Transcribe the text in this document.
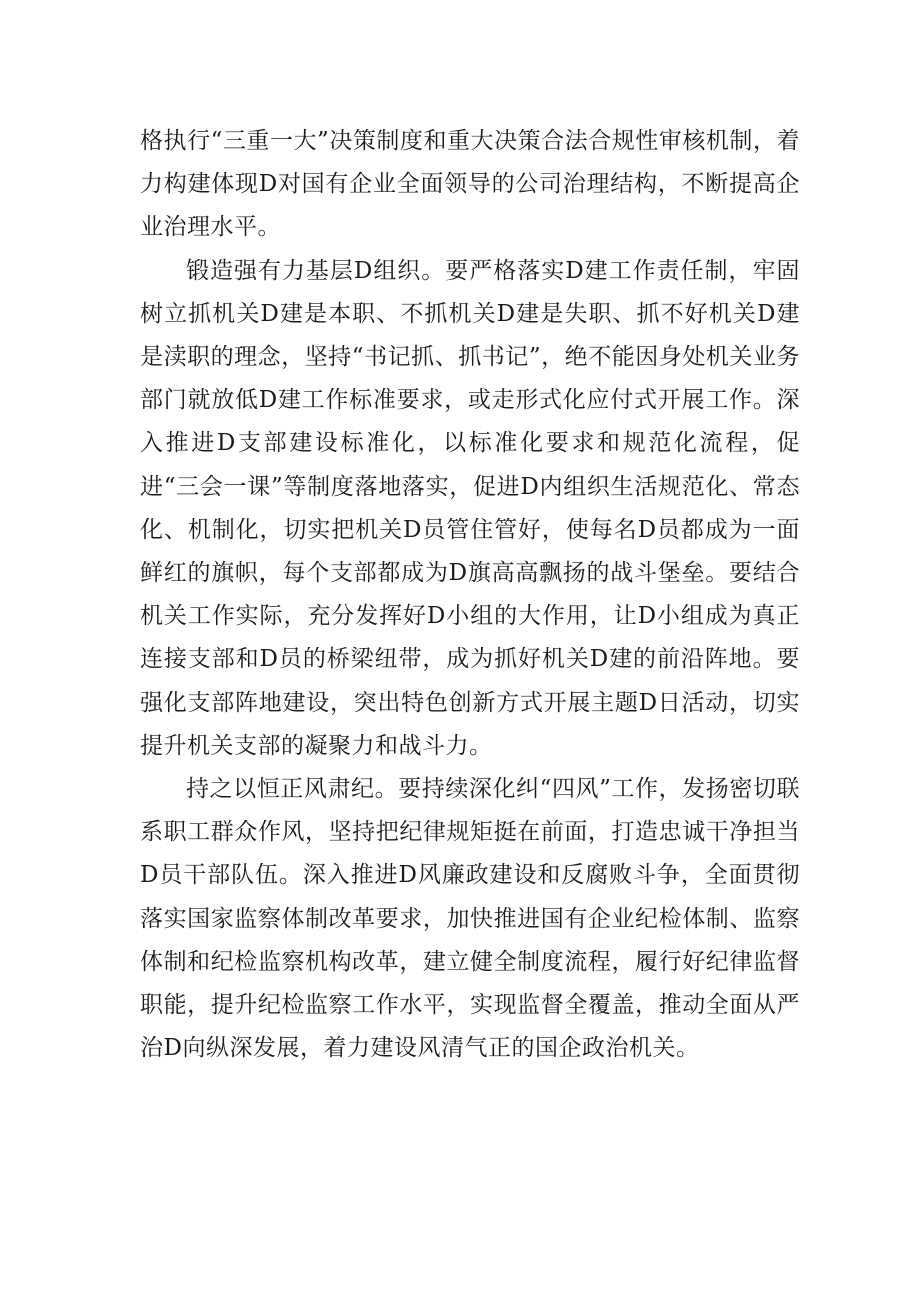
格执行“三重一大”决策制度和重大决策合法合规性审核机制，着力构建体现D对国有企业全面领导的公司治理结构，不断提高企业治理水平。

锻造强有力基层D组织。要严格落实D建工作责任制，牢固树立抓机关D建是本职、不抓机关D建是失职、抓不好机关D建是渎职的理念，坚持“书记抓、抓书记”，绝不能因身处机关业务部门就放低D建工作标准要求，或走形式化应付式开展工作。深入推进D支部建设标准化，以标准化要求和规范化流程，促进“三会一课”等制度落地落实，促进D内组织生活规范化、常态化、机制化，切实把机关D员管住管好，使每名D员都成为一面鲜红的旗帜，每个支部都成为D旗高高飘扬的战斗堡垒。要结合机关工作实际，充分发挥好D小组的大作用，让D小组成为真正连接支部和D员的桥梁纽带，成为抓好机关D建的前沿阵地。要强化支部阵地建设，突出特色创新方式开展主题D日活动，切实提升机关支部的凝聚力和战斗力。

持之以恒正风肃纪。要持续深化纠“四风”工作，发扬密切联系职工群众作风，坚持把纪律规矩挺在前面，打造忠诚干净担当D员干部队伍。深入推进D风廉政建设和反腐败斗争，全面贯彻落实国家监察体制改革要求，加快推进国有企业纪检体制、监察体制和纪检监察机构改革，建立健全制度流程，履行好纪律监督职能，提升纪检监察工作水平，实现监督全覆盖，推动全面从严治D向纵深发展，着力建设风清气正的国企政治机关。
